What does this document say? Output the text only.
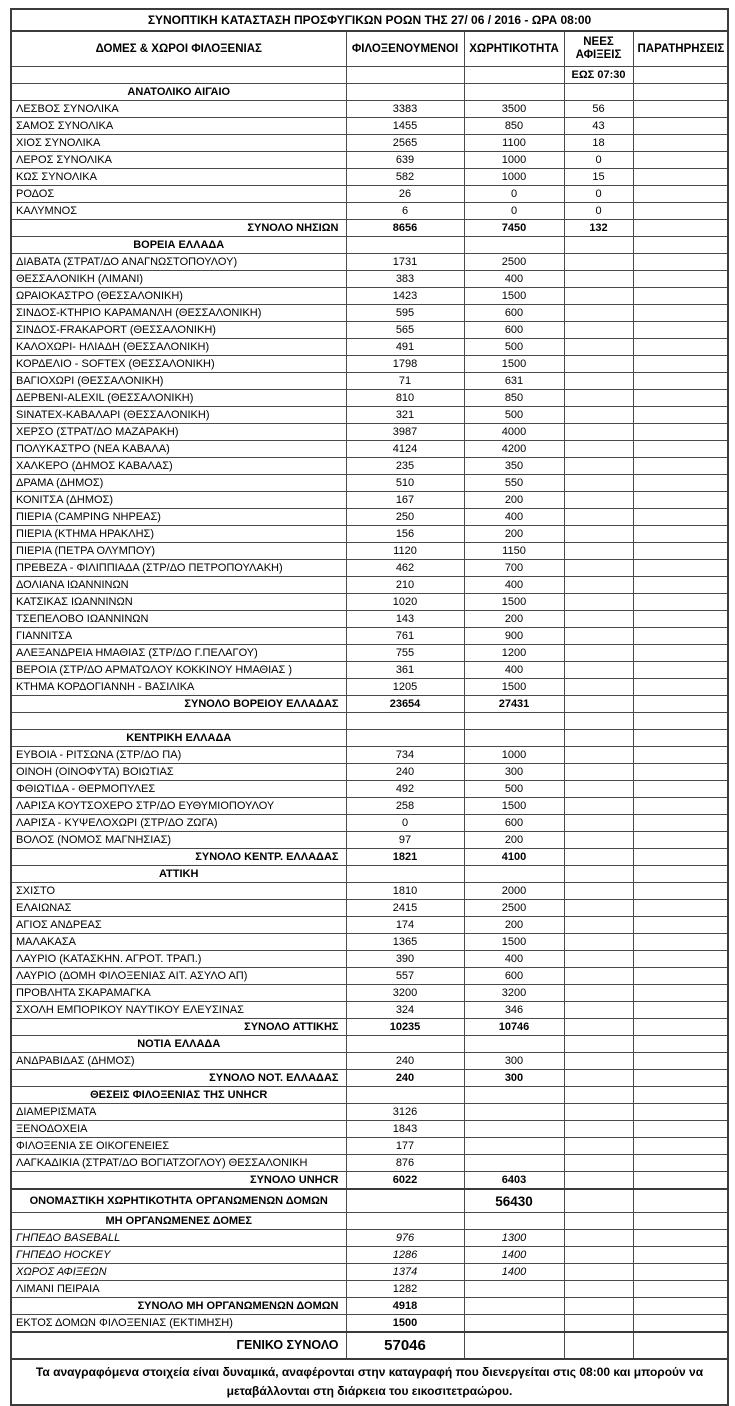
ΣΥΝΟΠΤΙΚΗ ΚΑΤΑΣΤΑΣΗ ΠΡΟΣΦΥΓΙΚΩΝ ΡΟΩΝ ΤΗΣ 27/ 06 / 2016 - ΩΡΑ 08:00				
ΔΟΜΕΣ & ΧΩΡΟΙ ΦΙΛΟΞΕΝΙΑΣ	ΦΙΛΟΞΕΝΟΥΜΕΝΟΙ	ΧΩΡΗΤΙΚΟΤΗΤΑ	ΝΕΕΣ ΑΦΙΞΕΙΣ	ΠΑΡΑΤΗΡΗΣΕΙΣ
			ΕΩΣ 07:30	
ΑΝΑΤΟΛΙΚΟ ΑΙΓΑΙΟ				
ΛΕΣΒΟΣ ΣΥΝΟΛΙΚΑ	3383	3500	56	
ΣΑΜΟΣ ΣΥΝΟΛΙΚΑ	1455	850	43	
ΧΙΟΣ ΣΥΝΟΛΙΚΑ	2565	1100	18	
ΛΕΡΟΣ ΣΥΝΟΛΙΚΑ	639	1000	0	
ΚΩΣ ΣΥΝΟΛΙΚΑ	582	1000	15	
ΡΟΔΟΣ	26	0	0	
ΚΑΛΥΜΝΟΣ	6	0	0	
ΣΥΝΟΛΟ ΝΗΣΙΩΝ	8656	7450	132	
ΒΟΡΕΙΑ ΕΛΛΑΔΑ				
ΔΙΑΒΑΤΑ (ΣΤΡΑΤ/ΔΟ ΑΝΑΓΝΩΣΤΟΠΟΥΛΟΥ)	1731	2500		
ΘΕΣΣΑΛΟΝΙΚΗ (ΛΙΜΑΝΙ)	383	400		
ΩΡΑΙΟΚΑΣΤΡΟ (ΘΕΣΣΑΛΟΝΙΚΗ)	1423	1500		
ΣΙΝΔΟΣ-ΚΤΗΡΙΟ ΚΑΡΑΜΑΝΛΗ (ΘΕΣΣΑΛΟΝΙΚΗ)	595	600		
ΣΙΝΔΟΣ-FRAKAPORT (ΘΕΣΣΑΛΟΝΙΚΗ)	565	600		
ΚΑΛΟΧΩΡΙ- ΗΛΙΑΔΗ (ΘΕΣΣΑΛΟΝΙΚΗ)	491	500		
ΚΟΡΔΕΛΙΟ - SOFTEX (ΘΕΣΣΑΛΟΝΙΚΗ)	1798	1500		
ΒΑΓΙΟΧΩΡΙ (ΘΕΣΣΑΛΟΝΙΚΗ)	71	631		
ΔΕΡΒΕΝΙ-ALEXIL (ΘΕΣΣΑΛΟΝΙΚΗ)	810	850		
SINATEX-ΚΑΒΑΛΑΡΙ (ΘΕΣΣΑΛΟΝΙΚΗ)	321	500		
ΧΕΡΣΟ (ΣΤΡΑΤ/ΔΟ ΜΑΖΑΡΑΚΗ)	3987	4000		
ΠΟΛΥΚΑΣΤΡΟ (ΝΕΑ ΚΑΒΑΛΑ)	4124	4200		
ΧΑΛΚΕΡΟ (ΔΗΜΟΣ ΚΑΒΑΛΑΣ)	235	350		
ΔΡΑΜΑ (ΔΗΜΟΣ)	510	550		
ΚΟΝΙΤΣΑ (ΔΗΜΟΣ)	167	200		
ΠΙΕΡΙΑ (CAMPING ΝΗΡΕΑΣ)	250	400		
ΠΙΕΡΙΑ (ΚΤΗΜΑ ΗΡΑΚΛΗΣ)	156	200		
ΠΙΕΡΙΑ (ΠΕΤΡΑ ΟΛΥΜΠΟΥ)	1120	1150		
ΠΡΕΒΕΖΑ - ΦΙΛΙΠΠΙΑΔΑ (ΣΤΡ/ΔΟ ΠΕΤΡΟΠΟΥΛΑΚΗ)	462	700		
ΔΟΛΙΑΝΑ ΙΩΑΝΝΙΝΩΝ	210	400		
ΚΑΤΣΙΚΑΣ ΙΩΑΝΝΙΝΩΝ	1020	1500		
ΤΣΕΠΕΛΟΒΟ ΙΩΑΝΝΙΝΩΝ	143	200		
ΓΙΑΝΝΙΤΣΑ	761	900		
ΑΛΕΞΑΝΔΡΕΙΑ ΗΜΑΘΙΑΣ (ΣΤΡ/ΔΟ Γ.ΠΕΛΑΓΟΥ)	755	1200		
ΒΕΡΟΙΑ (ΣΤΡ/ΔΟ ΑΡΜΑΤΩΛΟΥ ΚΟΚΚΙΝΟΥ ΗΜΑΘΙΑΣ )	361	400		
ΚΤΗΜΑ ΚΟΡΔΟΓΙΑΝΝΗ - ΒΑΣΙΛΙΚΑ	1205	1500		
ΣΥΝΟΛΟ ΒΟΡΕΙΟΥ ΕΛΛΑΔΑΣ	23654	27431		

ΚΕΝΤΡΙΚΗ ΕΛΛΑΔΑ				
ΕΥΒΟΙΑ - ΡΙΤΣΩΝΑ (ΣΤΡ/ΔΟ ΠΑ)	734	1000		
ΟΙΝΟΗ (ΟΙΝΟΦΥΤΑ) ΒΟΙΩΤΙΑΣ	240	300		
ΦΘΙΩΤΙΔΑ - ΘΕΡΜΟΠΥΛΕΣ	492	500		
ΛΑΡΙΣΑ ΚΟΥΤΣΟΧΕΡΟ ΣΤΡ/ΔΟ ΕΥΘΥΜΙΟΠΟΥΛΟΥ	258	1500		
ΛΑΡΙΣΑ - ΚΥΨΕΛΟΧΩΡΙ (ΣΤΡ/ΔΟ ΖΩΓΑ)	0	600		
ΒΟΛΟΣ (ΝΟΜΟΣ ΜΑΓΝΗΣΙΑΣ)	97	200		
ΣΥΝΟΛΟ ΚΕΝΤΡ. ΕΛΛΑΔΑΣ	1821	4100		
ΑΤΤΙΚΗ				
ΣΧΙΣΤΟ	1810	2000		
ΕΛΑΙΩΝΑΣ	2415	2500		
ΑΓΙΟΣ ΑΝΔΡΕΑΣ	174	200		
ΜΑΛΑΚΑΣΑ	1365	1500		
ΛΑΥΡΙΟ (ΚΑΤΑΣΚΗΝ. ΑΓΡΟΤ. ΤΡΑΠ.)	390	400		
ΛΑΥΡΙΟ (ΔΟΜΗ ΦΙΛΟΞΕΝΙΑΣ ΑΙΤ. ΑΣΥΛΟ ΑΠ)	557	600		
ΠΡΟΒΛΗΤΑ ΣΚΑΡΑΜΑΓΚΑ	3200	3200		
ΣΧΟΛΗ ΕΜΠΟΡΙΚΟΥ ΝΑΥΤΙΚΟΥ ΕΛΕΥΣΙΝΑΣ	324	346		
ΣΥΝΟΛΟ ΑΤΤΙΚΗΣ	10235	10746		
ΝΟΤΙΑ ΕΛΛΑΔΑ				
ΑΝΔΡΑΒΙΔΑΣ (ΔΗΜΟΣ)	240	300		
ΣΥΝΟΛΟ ΝΟΤ. ΕΛΛΑΔΑΣ	240	300		
ΘΕΣΕΙΣ ΦΙΛΟΞΕΝΙΑΣ ΤΗΣ UNHCR				
ΔΙΑΜΕΡΙΣΜΑΤΑ	3126			
ΞΕΝΟΔΟΧΕΙΑ	1843			
ΦΙΛΟΞΕΝΙΑ ΣΕ ΟΙΚΟΓΕΝΕΙΕΣ	177			
ΛΑΓΚΑΔΙΚΙΑ (ΣΤΡΑΤ/ΔΟ ΒΟΓΙΑΤΖΟΓΛΟΥ) ΘΕΣΣΑΛΟΝΙΚΗ	876			
ΣΥΝΟΛΟ UNHCR	6022	6403		
ΟΝΟΜΑΣΤΙΚΗ ΧΩΡΗΤΙΚΟΤΗΤΑ ΟΡΓΑΝΩΜΕΝΩΝ ΔΟΜΩΝ		56430		
ΜΗ ΟΡΓΑΝΩΜΕΝΕΣ ΔΟΜΕΣ				
ΓΗΠΕΔΟ BASEBALL	976	1300		
ΓΗΠΕΔΟ HOCKEY	1286	1400		
ΧΩΡΟΣ ΑΦΙΞΕΩΝ	1374	1400		
ΛΙΜΑΝΙ ΠΕΙΡΑΙΑ	1282			
ΣΥΝΟΛΟ ΜΗ ΟΡΓΑΝΩΜΕΝΩΝ ΔΟΜΩΝ	4918			
ΕΚΤΟΣ ΔΟΜΩΝ ΦΙΛΟΞΕΝΙΑΣ (ΕΚΤΙΜΗΣΗ)	1500			
ΓΕΝΙΚΟ ΣΥΝΟΛΟ	57046			
Τα αναγραφόμενα στοιχεία είναι δυναμικά, αναφέρονται στην καταγραφή που διενεργείται στις 08:00 και μπορούν να μεταβάλλονται στη διάρκεια του εικοσιτετραώρου.				
